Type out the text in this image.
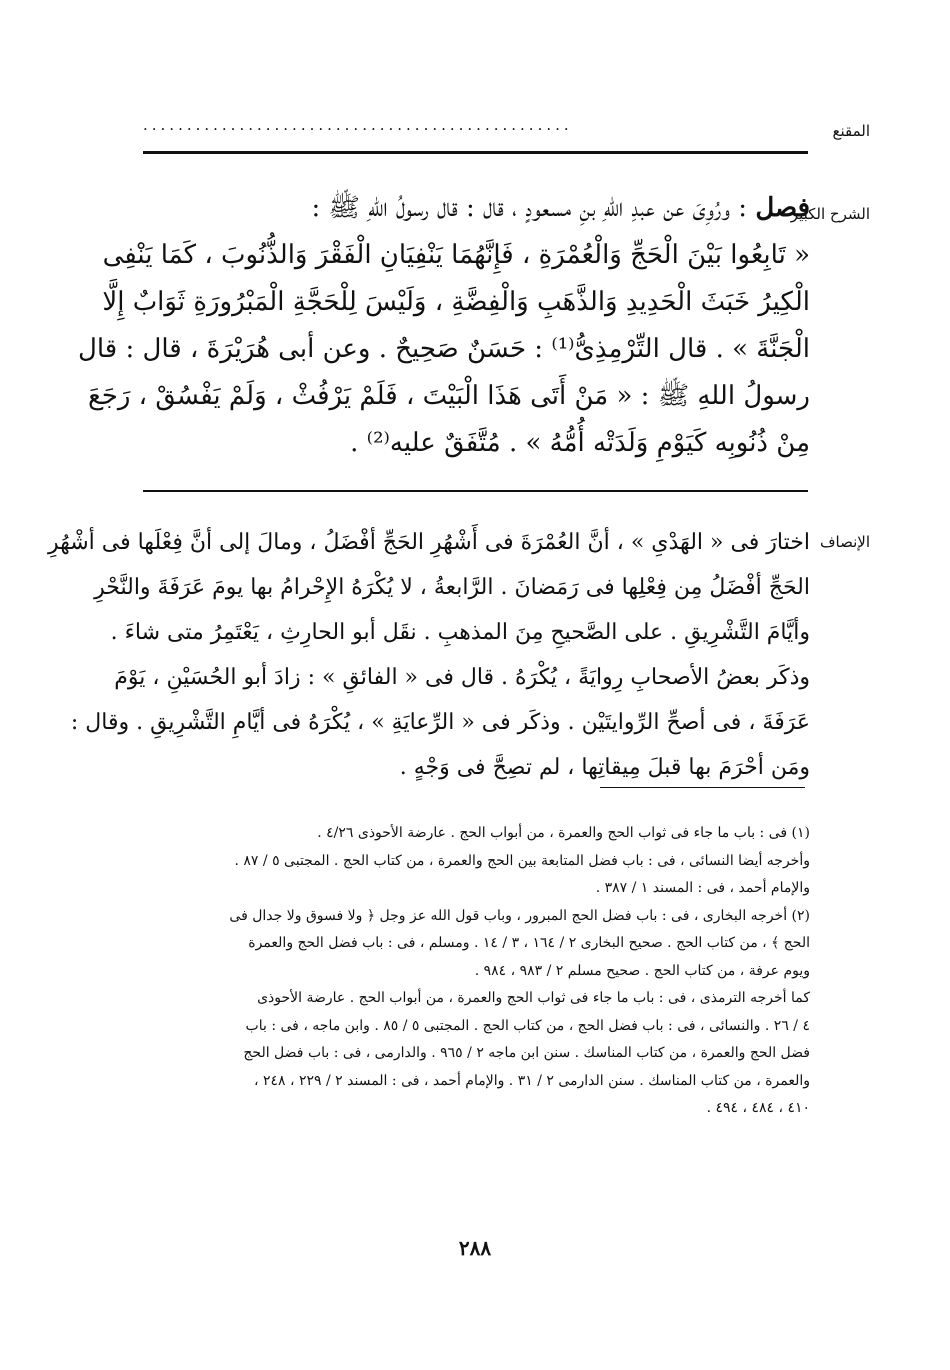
المقنع
.................................................
الشرح الكبير
فصل : ورُوِىَ عن عبدِ اللهِ بنِ مسعودٍ ، قال : قال رسولُ اللهِ ﷺ :
« تَابِعُوا بَيْنَ الْحَجِّ وَالْعُمْرَةِ ، فَإِنَّهُمَا يَنْفِيَانِ الْفَقْرَ وَالذُّنُوبَ ، كَمَا يَنْفِى
الْكِيرُ خَبَثَ الْحَدِيدِ وَالذَّهَبِ وَالْفِضَّةِ ، وَلَيْسَ لِلْحَجَّةِ الْمَبْرُورَةِ ثَوَابٌ إِلَّا
الْجَنَّةَ » . قال التِّرْمِذِىُّ⁽¹⁾ : حَسَنٌ صَحِيحٌ . وعن أبى هُرَيْرَةَ ، قال : قال
رسولُ اللهِ ﷺ : « مَنْ أَتَى هَذَا الْبَيْتَ ، فَلَمْ يَرْفُثْ ، وَلَمْ يَفْسُقْ ، رَجَعَ
مِنْ ذُنُوبِه كَيَوْمِ وَلَدَتْه أُمُّهُ » . مُتَّفَقٌ عليه⁽²⁾ .
الإنصاف
اختارَ فى « الهَدْىِ » ، أنَّ العُمْرَةَ فى أَشْهُرِ الحَجِّ أفْضَلُ ، ومالَ إلى أنَّ فِعْلَها فى أشْهُرِ
الحَجِّ أفْضَلُ مِن فِعْلِها فى رَمَضانَ . الرَّابعةُ ، لا يُكْرَهُ الإِحْرامُ بها يومَ عَرَفَةَ والنَّحْرِ
وأيَّامَ التَّشْرِيقِ . على الصَّحيحِ مِنَ المذهبِ . نقَل أبو الحارِثِ ، يَعْتَمِرُ متى شاءَ .
وذكَر بعضُ الأصحابِ رِوايَةً ، يُكْرَهُ . قال فى « الفائقِ » : زادَ أبو الحُسَيْنِ ، يَوْمَ
عَرَفَةَ ، فى أصحِّ الرِّوايتَيْن . وذكَر فى « الرِّعايَةِ » ، يُكْرَهُ فى أيَّامِ التَّشْرِيقِ . وقال :
ومَن أحْرَمَ بها قبلَ مِيقاتِها ، لم تصِحَّ فى وَجْهٍ .
(١) فى : باب ما جاء فى ثواب الحج والعمرة ، من أبواب الحج . عارضة الأحوذى ٤/٢٦ .
وأخرجه أيضا النسائى ، فى : باب فضل المتابعة بين الحج والعمرة ، من كتاب الحج . المجتبى ٥ / ٨٧ .
والإمام أحمد ، فى : المسند ١ / ٣٨٧ .
(٢) أخرجه البخارى ، فى : باب فضل الحج المبرور ، وباب قول الله عز وجل ﴿ ولا فسوق ولا جدال فى
الحج ﴾ ، من كتاب الحج . صحيح البخارى ٢ / ١٦٤ ، ٣ / ١٤ . ومسلم ، فى : باب فضل الحج والعمرة
ويوم عرفة ، من كتاب الحج . صحيح مسلم ٢ / ٩٨٣ ، ٩٨٤ .
كما أخرجه الترمذى ، فى : باب ما جاء فى ثواب الحج والعمرة ، من أبواب الحج . عارضة الأحوذى
٤ / ٢٦ . والنسائى ، فى : باب فضل الحج ، من كتاب الحج . المجتبى ٥ / ٨٥ . وابن ماجه ، فى : باب
فضل الحج والعمرة ، من كتاب المناسك . سنن ابن ماجه ٢ / ٩٦٥ . والدارمى ، فى : باب فضل الحج
والعمرة ، من كتاب المناسك . سنن الدارمى ٢ / ٣١ . والإمام أحمد ، فى : المسند ٢ / ٢٢٩ ، ٢٤٨ ،
٤١٠ ، ٤٨٤ ، ٤٩٤ .
٢٨٨
